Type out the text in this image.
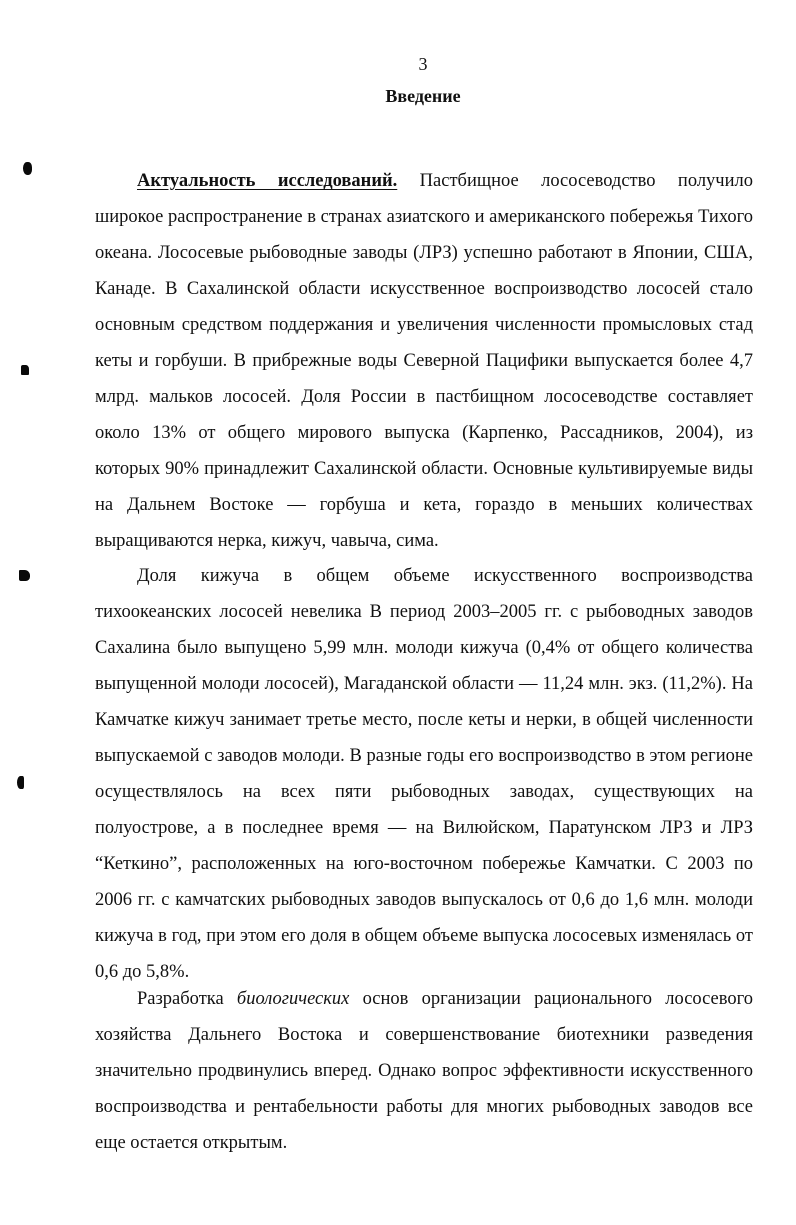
3
Введение

Актуальность исследований. Пастбищное лососеводство получило широкое распространение в странах азиатского и американского побережья Тихого океана. Лососевые рыбоводные заводы (ЛРЗ) успешно работают в Японии, США, Канаде. В Сахалинской области искусственное воспроизводство лососей стало основным средством поддержания и увеличения численности промысловых стад кеты и горбуши. В прибрежные воды Северной Пацифики выпускается более 4,7 млрд. мальков лососей. Доля России в пастбищном лососеводстве составляет около 13% от общего мирового выпуска (Карпенко, Рассадников, 2004), из которых 90% принадлежит Сахалинской области. Основные культивируемые виды на Дальнем Востоке — горбуша и кета, гораздо в меньших количествах выращиваются нерка, кижуч, чавыча, сима.

Доля кижуча в общем объеме искусственного воспроизводства тихоокеанских лососей невелика В период 2003–2005 гг. с рыбоводных заводов Сахалина было выпущено 5,99 млн. молоди кижуча (0,4% от общего количества выпущенной молоди лососей), Магаданской области — 11,24 млн. экз. (11,2%). На Камчатке кижуч занимает третье место, после кеты и нерки, в общей численности выпускаемой с заводов молоди. В разные годы его воспроизводство в этом регионе осуществлялось на всех пяти рыбоводных заводах, существующих на полуострове, а в последнее время — на Вилюйском, Паратунском ЛРЗ и ЛРЗ “Кеткино”, расположенных на юго-восточном побережье Камчатки. С 2003 по 2006 гг. с камчатских рыбоводных заводов выпускалось от 0,6 до 1,6 млн. молоди кижуча в год, при этом его доля в общем объеме выпуска лососевых изменялась от 0,6 до 5,8%.

Разработка биологических основ организации рационального лососевого хозяйства Дальнего Востока и совершенствование биотехники разведения значительно продвинулись вперед. Однако вопрос эффективности искусственного воспроизводства и рентабельности работы для многих рыбоводных заводов все еще остается открытым.
